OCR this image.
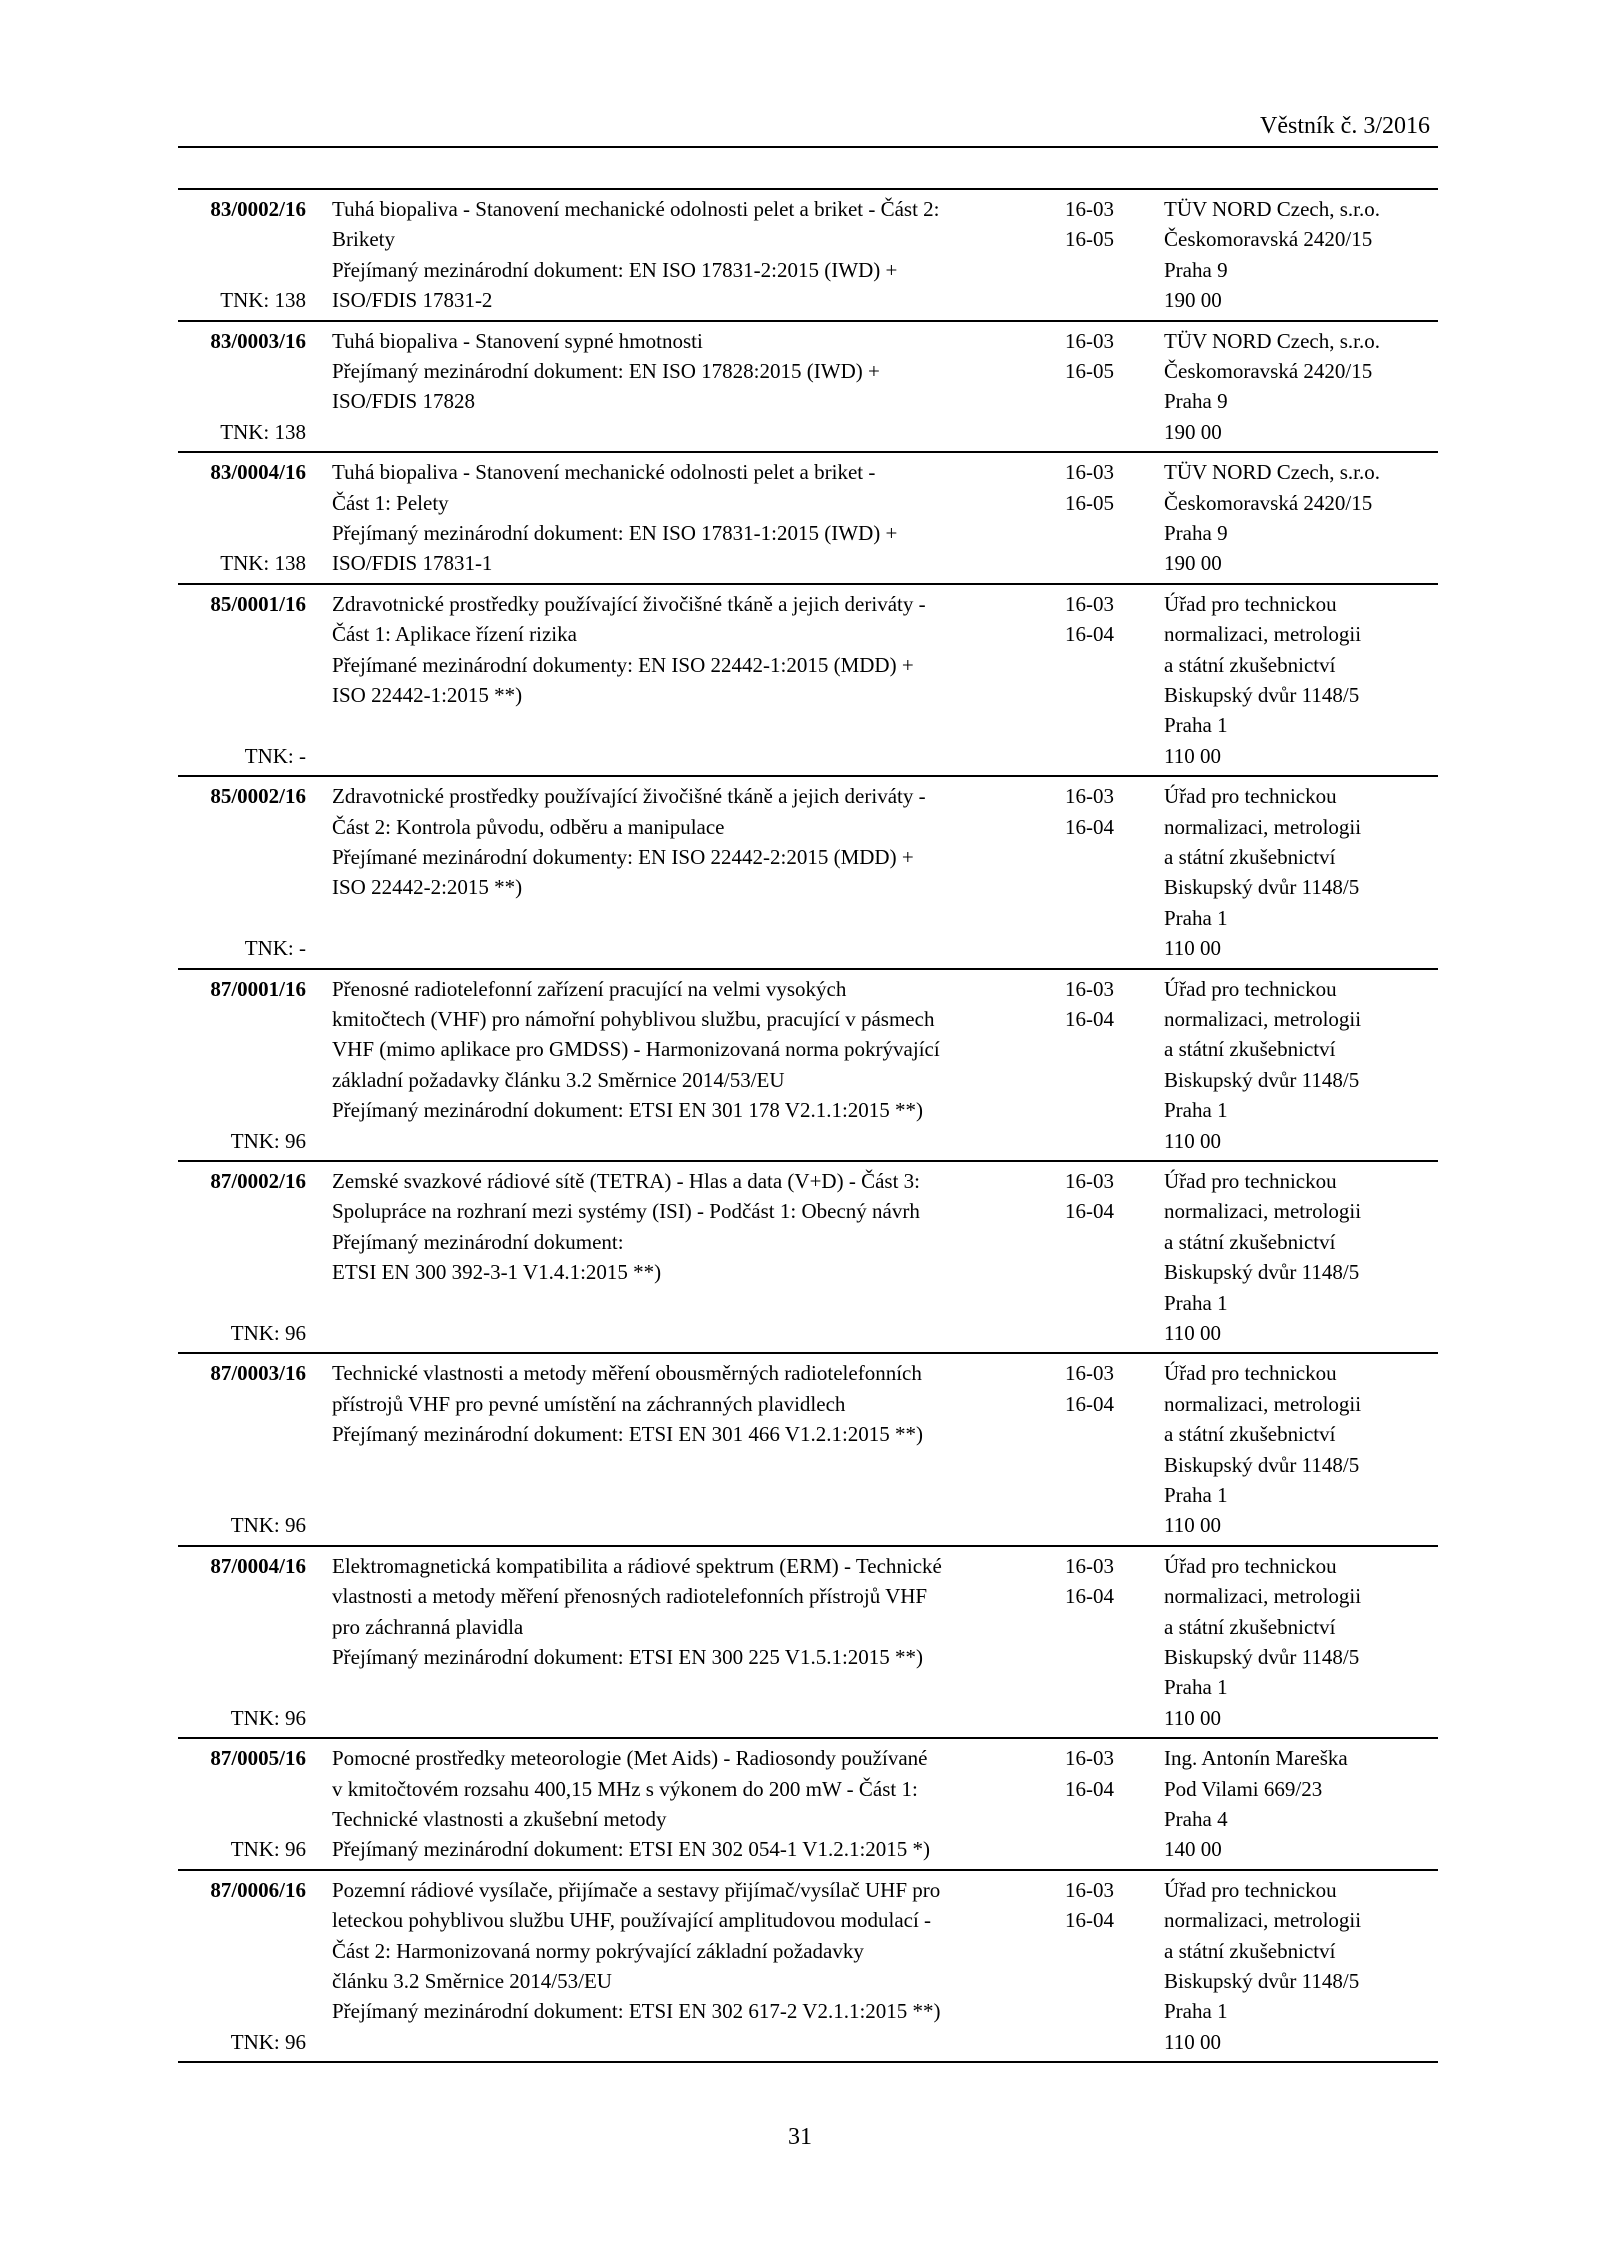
Věstník č. 3/2016
83/0002/16
TNK: 138
Tuhá biopaliva - Stanovení mechanické odolnosti pelet a briket - Část 2:
Brikety
Přejímaný mezinárodní dokument: EN ISO 17831-2:2015 (IWD) +
ISO/FDIS 17831-2
16-03
16-05
TÜV NORD Czech, s.r.o.
Českomoravská 2420/15
Praha 9
190 00
83/0003/16
TNK: 138
Tuhá biopaliva - Stanovení sypné hmotnosti
Přejímaný mezinárodní dokument: EN ISO 17828:2015 (IWD) +
ISO/FDIS 17828
16-03
16-05
TÜV NORD Czech, s.r.o.
Českomoravská 2420/15
Praha 9
190 00
83/0004/16
TNK: 138
Tuhá biopaliva - Stanovení mechanické odolnosti pelet a briket -
Část 1: Pelety
Přejímaný mezinárodní dokument: EN ISO 17831-1:2015 (IWD) +
ISO/FDIS 17831-1
16-03
16-05
TÜV NORD Czech, s.r.o.
Českomoravská 2420/15
Praha 9
190 00
85/0001/16
TNK: -
Zdravotnické prostředky používající živočišné tkáně a jejich deriváty -
Část 1: Aplikace řízení rizika
Přejímané mezinárodní dokumenty: EN ISO 22442-1:2015 (MDD) +
ISO 22442-1:2015 **)
16-03
16-04
Úřad pro technickou
normalizaci, metrologii
a státní zkušebnictví
Biskupský dvůr 1148/5
Praha 1
110 00
85/0002/16
TNK: -
Zdravotnické prostředky používající živočišné tkáně a jejich deriváty -
Část 2: Kontrola původu, odběru a manipulace
Přejímané mezinárodní dokumenty: EN ISO 22442-2:2015 (MDD) +
ISO 22442-2:2015 **)
16-03
16-04
Úřad pro technickou
normalizaci, metrologii
a státní zkušebnictví
Biskupský dvůr 1148/5
Praha 1
110 00
87/0001/16
TNK: 96
Přenosné radiotelefonní zařízení pracující na velmi vysokých
kmitočtech (VHF) pro námořní pohyblivou službu, pracující v pásmech
VHF (mimo aplikace pro GMDSS) - Harmonizovaná norma pokrývající
základní požadavky článku 3.2 Směrnice 2014/53/EU
Přejímaný mezinárodní dokument: ETSI EN 301 178 V2.1.1:2015 **)
16-03
16-04
Úřad pro technickou
normalizaci, metrologii
a státní zkušebnictví
Biskupský dvůr 1148/5
Praha 1
110 00
87/0002/16
TNK: 96
Zemské svazkové rádiové sítě (TETRA) - Hlas a data (V+D) - Část 3:
Spolupráce na rozhraní mezi systémy (ISI) - Podčást 1: Obecný návrh
Přejímaný mezinárodní dokument:
ETSI EN 300 392-3-1 V1.4.1:2015 **)
16-03
16-04
Úřad pro technickou
normalizaci, metrologii
a státní zkušebnictví
Biskupský dvůr 1148/5
Praha 1
110 00
87/0003/16
TNK: 96
Technické vlastnosti a metody měření obousměrných radiotelefonních
přístrojů VHF pro pevné umístění na záchranných plavidlech
Přejímaný mezinárodní dokument: ETSI EN 301 466 V1.2.1:2015 **)
16-03
16-04
Úřad pro technickou
normalizaci, metrologii
a státní zkušebnictví
Biskupský dvůr 1148/5
Praha 1
110 00
87/0004/16
TNK: 96
Elektromagnetická kompatibilita a rádiové spektrum (ERM) - Technické
vlastnosti a metody měření přenosných radiotelefonních přístrojů VHF
pro záchranná plavidla
Přejímaný mezinárodní dokument: ETSI EN 300 225 V1.5.1:2015 **)
16-03
16-04
Úřad pro technickou
normalizaci, metrologii
a státní zkušebnictví
Biskupský dvůr 1148/5
Praha 1
110 00
87/0005/16
TNK: 96
Pomocné prostředky meteorologie (Met Aids) - Radiosondy používané
v kmitočtovém rozsahu 400,15 MHz s výkonem do 200 mW - Část 1:
Technické vlastnosti a zkušební metody
Přejímaný mezinárodní dokument: ETSI EN 302 054-1 V1.2.1:2015 *)
16-03
16-04
Ing. Antonín Mareška
Pod Vilami 669/23
Praha 4
140 00
87/0006/16
TNK: 96
Pozemní rádiové vysílače, přijímače a sestavy přijímač/vysílač UHF pro
leteckou pohyblivou službu UHF, používající amplitudovou modulací -
Část 2: Harmonizovaná normy pokrývající základní požadavky
článku 3.2 Směrnice 2014/53/EU
Přejímaný mezinárodní dokument: ETSI EN 302 617-2 V2.1.1:2015 **)
16-03
16-04
Úřad pro technickou
normalizaci, metrologii
a státní zkušebnictví
Biskupský dvůr 1148/5
Praha 1
110 00
31
